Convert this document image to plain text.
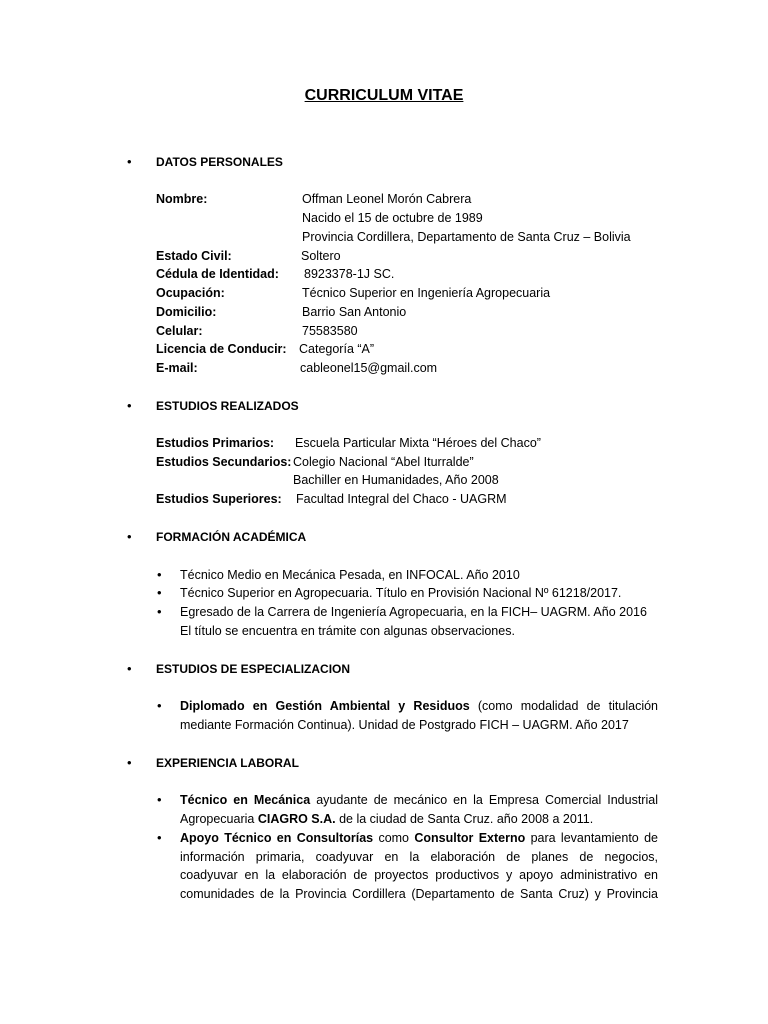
CURRICULUM VITAE
• DATOS PERSONALES
Nombre:	Offman Leonel Morón Cabrera
Nacido el 15 de octubre de 1989
Provincia Cordillera, Departamento de Santa Cruz – Bolivia
Estado Civil:	Soltero
Cédula de Identidad: 8923378-1J SC.
Ocupación:	Técnico Superior en Ingeniería Agropecuaria
Domicilio:	Barrio San Antonio
Celular:	75583580
Licencia de Conducir: Categoría “A”
E-mail:	cableonel15@gmail.com
• ESTUDIOS REALIZADOS
Estudios Primarios: Escuela Particular Mixta “Héroes del Chaco”
Estudios Secundarios: Colegio Nacional “Abel Iturralde”
Bachiller en Humanidades, Año 2008
Estudios Superiores: Facultad Integral del Chaco - UAGRM
• FORMACIÓN ACADÉMICA
• Técnico Medio en Mecánica Pesada, en INFOCAL. Año 2010
• Técnico Superior en Agropecuaria. Título en Provisión Nacional Nº 61218/2017.
• Egresado de la Carrera de Ingeniería Agropecuaria, en la FICH– UAGRM. Año 2016
El título se encuentra en trámite con algunas observaciones.
• ESTUDIOS DE ESPECIALIZACION
• Diplomado en Gestión Ambiental y Residuos (como modalidad de titulación
mediante Formación Continua). Unidad de Postgrado FICH – UAGRM. Año 2017
• EXPERIENCIA LABORAL
• Técnico en Mecánica ayudante de mecánico en la Empresa Comercial Industrial
Agropecuaria CIAGRO S.A. de la ciudad de Santa Cruz. año 2008 a 2011.
• Apoyo Técnico en Consultorías como Consultor Externo para levantamiento de
información primaria, coadyuvar en la elaboración de planes de negocios,
coadyuvar en la elaboración de proyectos productivos y apoyo administrativo en
comunidades de la Provincia Cordillera (Departamento de Santa Cruz) y Provincia
